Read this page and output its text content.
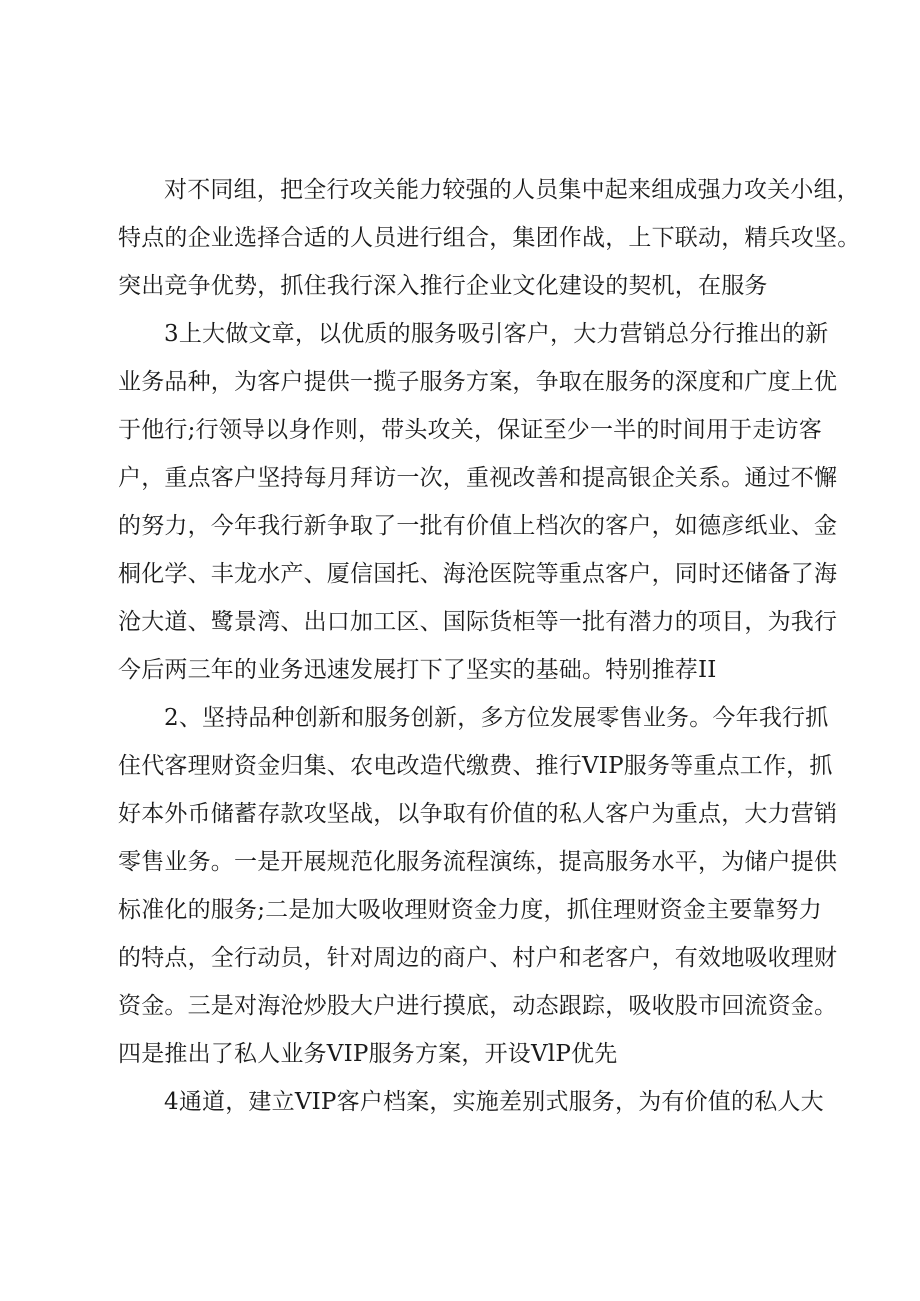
对不同组，把全行攻关能力较强的人员集中起来组成强力攻关小组，
特点的企业选择合适的人员进行组合，集团作战，上下联动，精兵攻坚。
突出竞争优势，抓住我行深入推行企业文化建设的契机，在服务
3上大做文章，以优质的服务吸引客户，大力营销总分行推出的新
业务品种，为客户提供一揽子服务方案，争取在服务的深度和广度上优
于他行;行领导以身作则，带头攻关，保证至少一半的时间用于走访客
户，重点客户坚持每月拜访一次，重视改善和提高银企关系。通过不懈
的努力，今年我行新争取了一批有价值上档次的客户，如德彦纸业、金
桐化学、丰龙水产、厦信国托、海沧医院等重点客户，同时还储备了海
沧大道、鹭景湾、出口加工区、国际货柜等一批有潜力的项目，为我行
今后两三年的业务迅速发展打下了坚实的基础。特别推荐II
2、坚持品种创新和服务创新，多方位发展零售业务。今年我行抓
住代客理财资金归集、农电改造代缴费、推行VIP服务等重点工作，抓
好本外币储蓄存款攻坚战，以争取有价值的私人客户为重点，大力营销
零售业务。一是开展规范化服务流程演练，提高服务水平，为储户提供
标准化的服务;二是加大吸收理财资金力度，抓住理财资金主要靠努力
的特点，全行动员，针对周边的商户、村户和老客户，有效地吸收理财
资金。三是对海沧炒股大户进行摸底，动态跟踪，吸收股市回流资金。
四是推出了私人业务VIP服务方案，开设VlP优先
4通道，建立VIP客户档案，实施差别式服务，为有价值的私人大
